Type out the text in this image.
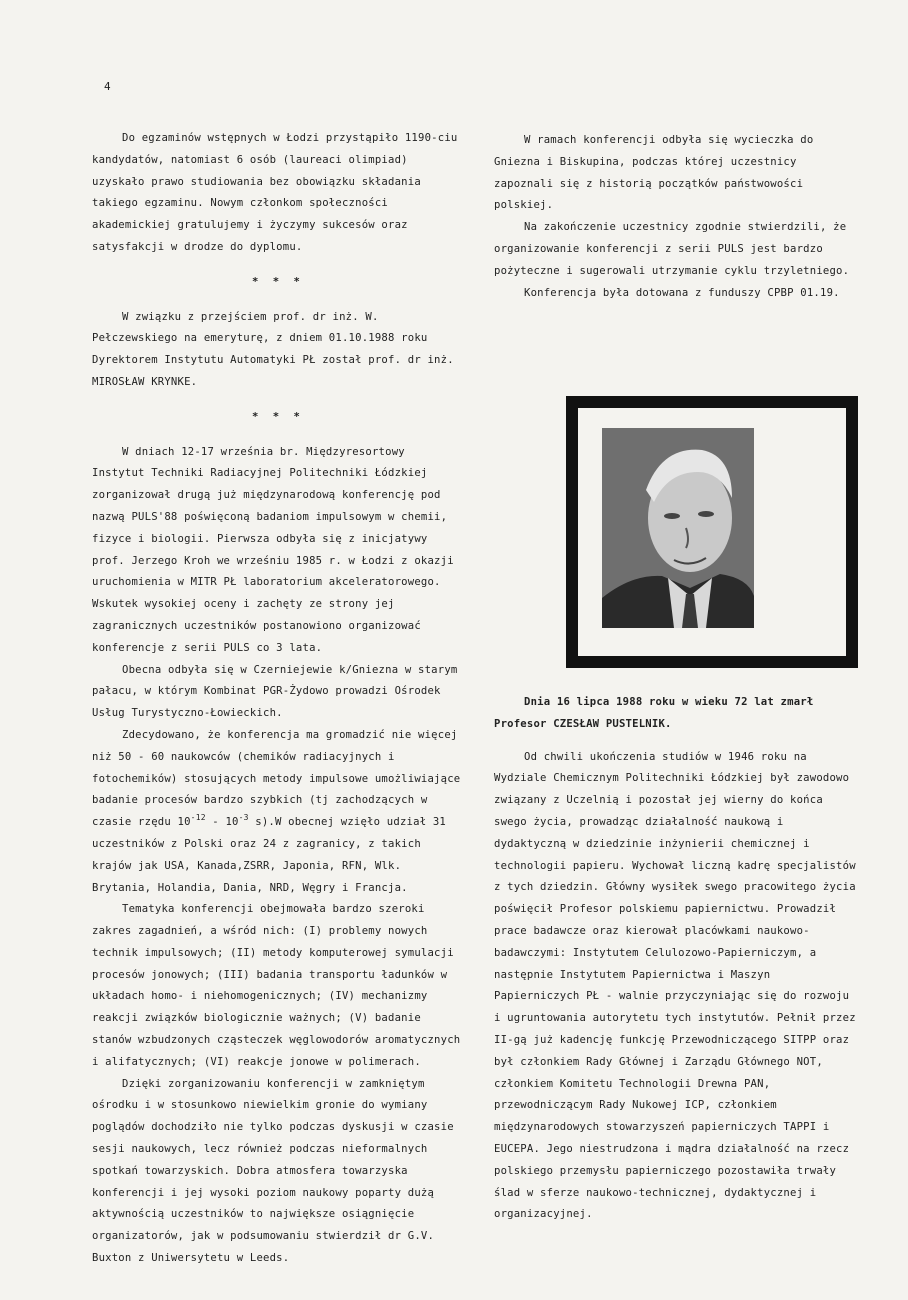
4

Do egzaminów wstępnych w Łodzi przystąpiło 1190-ciu kandydatów, natomiast 6 osób (laureaci olimpiad) uzyskało prawo studiowania bez obowiązku składania takiego egzaminu. Nowym członkom społeczności akademickiej gratulujemy i życzymy sukcesów oraz satysfakcji w drodze do dyplomu.

* * *

W związku z przejściem prof. dr inż. W. Pełczewskiego na emeryturę, z dniem 01.10.1988 roku Dyrektorem Instytutu Automatyki PŁ został prof. dr inż. MIROSŁAW KRYNKE.

* * *

W dniach 12-17 września br. Międzyresortowy Instytut Techniki Radiacyjnej Politechniki Łódzkiej zorganizował drugą już międzynarodową konferencję pod nazwą PULS'88 poświęconą badaniom impulsowym w chemii, fizyce i biologii. Pierwsza odbyła się z inicjatywy prof. Jerzego Kroh we wrześniu 1985 r. w Łodzi z okazji uruchomienia w MITR PŁ laboratorium akceleratorowego. Wskutek wysokiej oceny i zachęty ze strony jej zagranicznych uczestników postanowiono organizować konferencje z serii PULS co 3 lata.

Obecna odbyła się w Czerniejewie k/Gniezna w starym pałacu, w którym Kombinat PGR-Żydowo prowadzi Ośrodek Usług Turystyczno-Łowieckich.

Zdecydowano, że konferencja ma gromadzić nie więcej niż 50 - 60 naukowców (chemików radiacyjnych i fotochemików) stosujących metody impulsowe umożliwiające badanie procesów bardzo szybkich (tj zachodzących w czasie rzędu $10^{-12} - 10^{-3}$ s).W obecnej wzięło udział 31 uczestników z Polski oraz 24 z zagranicy, z takich krajów jak USA, Kanada,ZSRR, Japonia, RFN, Wlk. Brytania, Holandia, Dania, NRD, Węgry i Francja.

Tematyka konferencji obejmowała bardzo szeroki zakres zagadnień, a wśród nich: (I) problemy nowych technik impulsowych; (II) metody komputerowej symulacji procesów jonowych; (III) badania transportu ładunków w układach homo- i niehomogenicznych; (IV) mechanizmy reakcji związków biologicznie ważnych; (V) badanie stanów wzbudzonych cząsteczek węglowodorów aromatycznych i alifatycznych; (VI) reakcje jonowe w polimerach.

Dzięki zorganizowaniu konferencji w zamkniętym ośrodku i w stosunkowo niewielkim gronie do wymiany poglądów dochodziło nie tylko podczas dyskusji w czasie sesji naukowych, lecz również podczas nieformalnych spotkań towarzyskich. Dobra atmosfera towarzyska konferencji i jej wysoki poziom naukowy poparty dużą aktywnością uczestników to największe osiągnięcie organizatorów, jak w podsumowaniu stwierdził dr G.V. Buxton z Uniwersytetu w Leeds.

W ramach konferencji odbyła się wycieczka do Gniezna i Biskupina, podczas której uczestnicy zapoznali się z historią początków państwowości polskiej.

Na zakończenie uczestnicy zgodnie stwierdzili, że organizowanie konferencji z serii PULS jest bardzo pożyteczne i sugerowali utrzymanie cyklu trzyletniego.

Konferencja była dotowana z funduszy CPBP 01.19.

Dnia 16 lipca 1988 roku w wieku 72 lat zmarł Profesor CZESŁAW PUSTELNIK.

Od chwili ukończenia studiów w 1946 roku na Wydziale Chemicznym Politechniki Łódzkiej był zawodowo związany z Uczelnią i pozostał jej wierny do końca swego życia, prowadząc działalność naukową i dydaktyczną w dziedzinie inżynierii chemicznej i technologii papieru. Wychował liczną kadrę specjalistów z tych dziedzin. Główny wysiłek swego pracowitego życia poświęcił Profesor polskiemu papiernictwu. Prowadził prace badawcze oraz kierował placówkami naukowo-badawczymi: Instytutem Celulozowo-Papierniczym, a następnie Instytutem Papiernictwa i Maszyn Papierniczych PŁ - walnie przyczyniając się do rozwoju i ugruntowania autorytetu tych instytutów. Pełnił przez II-gą już kadencję funkcję Przewodniczącego SITPP oraz był członkiem Rady Głównej i Zarządu Głównego NOT, członkiem Komitetu Technologii Drewna PAN, przewodniczącym Rady Nukowej ICP, członkiem międzynarodowych stowarzyszeń papierniczych TAPPI i EUCEPA. Jego niestrudzona i mądra działalność na rzecz polskiego przemysłu papierniczego pozostawiła trwały ślad w sferze naukowo-technicznej, dydaktycznej i organizacyjnej.
